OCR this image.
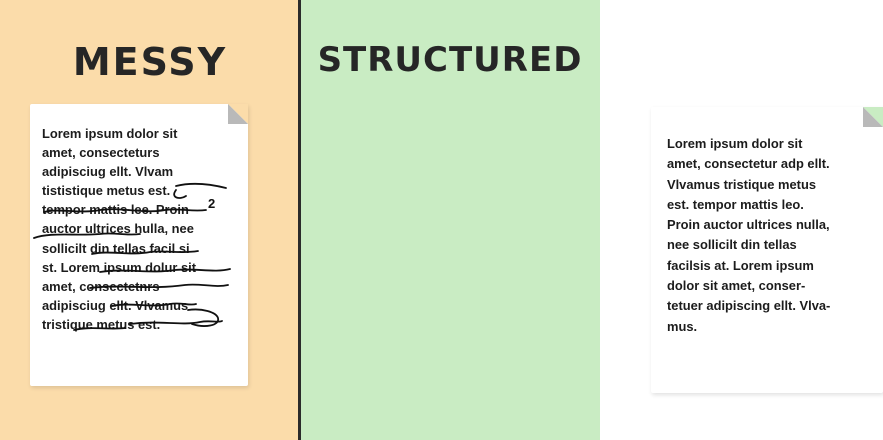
MESSY
Lorem ipsum dolor sit
amet, consecteturs
adipisciug ellt. Vlvam
tististique metus est.
tempor mattis lee. Proin
auctor ultrices hulla, nee
sollicilt din tellas facil si
st. Lorem ipsum dolur sit
amet, consectetnrs
adipisciug ellt. Vlvamus
tristique metus est.
2
STRUCTURED
Lorem ipsum dolor sit
amet, consectetur adp ellt.
Vlvamus tristique metus
est. tempor mattis leo.
Proin auctor ultrices nulla,
nee sollicilt din tellas
facilsis at. Lorem ipsum
dolor sit amet, conser-
tetuer adipiscing ellt. Vlva-
mus.
